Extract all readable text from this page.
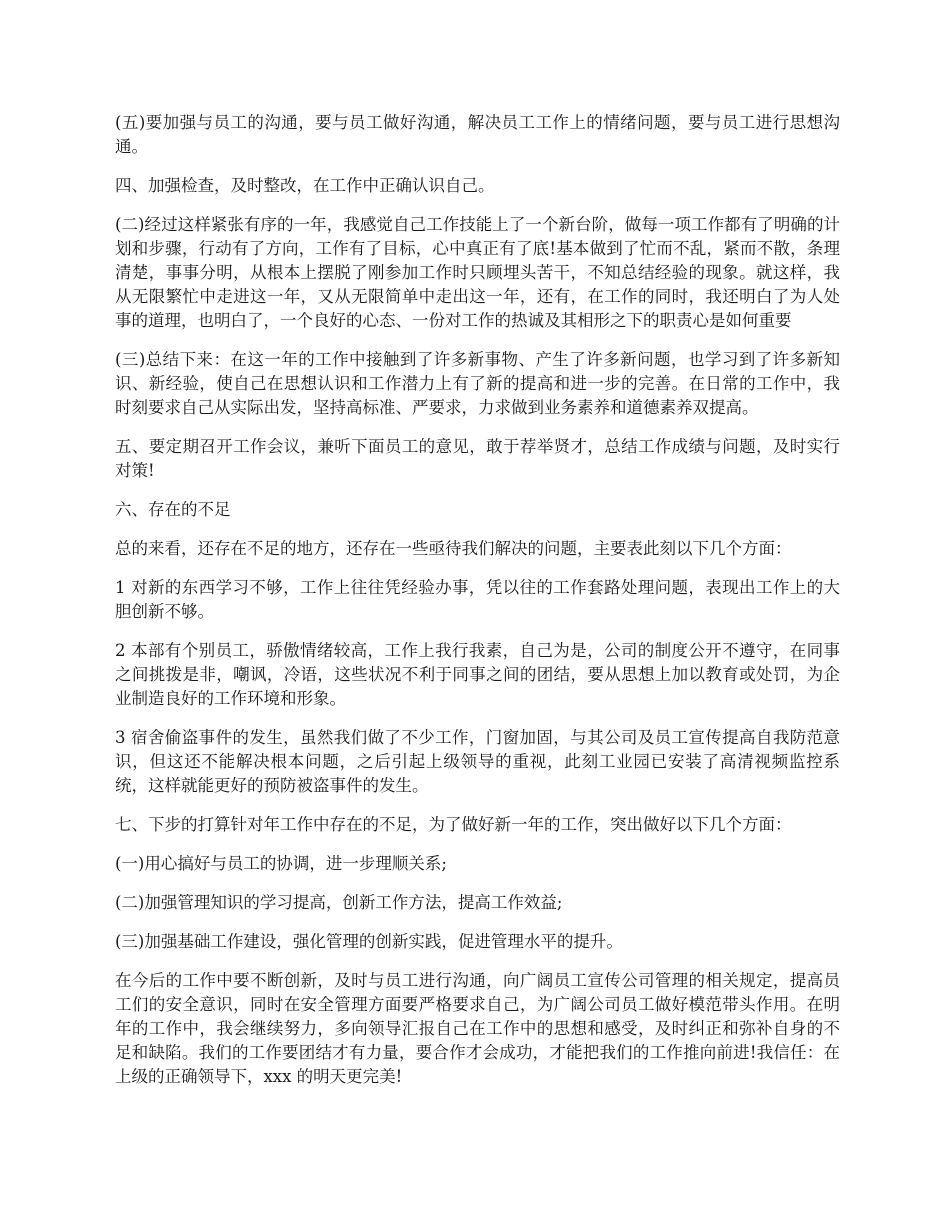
(五)要加强与员工的沟通，要与员工做好沟通，解决员工工作上的情绪问题，要与员工进行思想沟通。

四、加强检查，及时整改，在工作中正确认识自己。

(二)经过这样紧张有序的一年，我感觉自己工作技能上了一个新台阶，做每一项工作都有了明确的计划和步骤，行动有了方向，工作有了目标，心中真正有了底!基本做到了忙而不乱，紧而不散，条理清楚，事事分明，从根本上摆脱了刚参加工作时只顾埋头苦干，不知总结经验的现象。就这样，我从无限繁忙中走进这一年，又从无限简单中走出这一年，还有，在工作的同时，我还明白了为人处事的道理，也明白了，一个良好的心态、一份对工作的热诚及其相形之下的职责心是如何重要

(三)总结下来：在这一年的工作中接触到了许多新事物、产生了许多新问题，也学习到了许多新知识、新经验，使自己在思想认识和工作潜力上有了新的提高和进一步的完善。在日常的工作中，我时刻要求自己从实际出发，坚持高标准、严要求，力求做到业务素养和道德素养双提高。

五、要定期召开工作会议，兼听下面员工的意见，敢于荐举贤才，总结工作成绩与问题，及时实行对策!

六、存在的不足

总的来看，还存在不足的地方，还存在一些亟待我们解决的问题，主要表此刻以下几个方面：

1 对新的东西学习不够，工作上往往凭经验办事，凭以往的工作套路处理问题，表现出工作上的大胆创新不够。

2 本部有个别员工，骄傲情绪较高，工作上我行我素，自己为是，公司的制度公开不遵守，在同事之间挑拨是非，嘲讽，冷语，这些状况不利于同事之间的团结，要从思想上加以教育或处罚，为企业制造良好的工作环境和形象。

3 宿舍偷盗事件的发生，虽然我们做了不少工作，门窗加固，与其公司及员工宣传提高自我防范意识，但这还不能解决根本问题，之后引起上级领导的重视，此刻工业园已安装了高清视频监控系统，这样就能更好的预防被盗事件的发生。

七、下步的打算针对年工作中存在的不足，为了做好新一年的工作，突出做好以下几个方面：

(一)用心搞好与员工的协调，进一步理顺关系;

(二)加强管理知识的学习提高，创新工作方法，提高工作效益;

(三)加强基础工作建设，强化管理的创新实践，促进管理水平的提升。

在今后的工作中要不断创新，及时与员工进行沟通，向广阔员工宣传公司管理的相关规定，提高员工们的安全意识，同时在安全管理方面要严格要求自己，为广阔公司员工做好模范带头作用。在明年的工作中，我会继续努力，多向领导汇报自己在工作中的思想和感受，及时纠正和弥补自身的不足和缺陷。我们的工作要团结才有力量，要合作才会成功，才能把我们的工作推向前进!我信任：在上级的正确领导下，xxx 的明天更完美!
